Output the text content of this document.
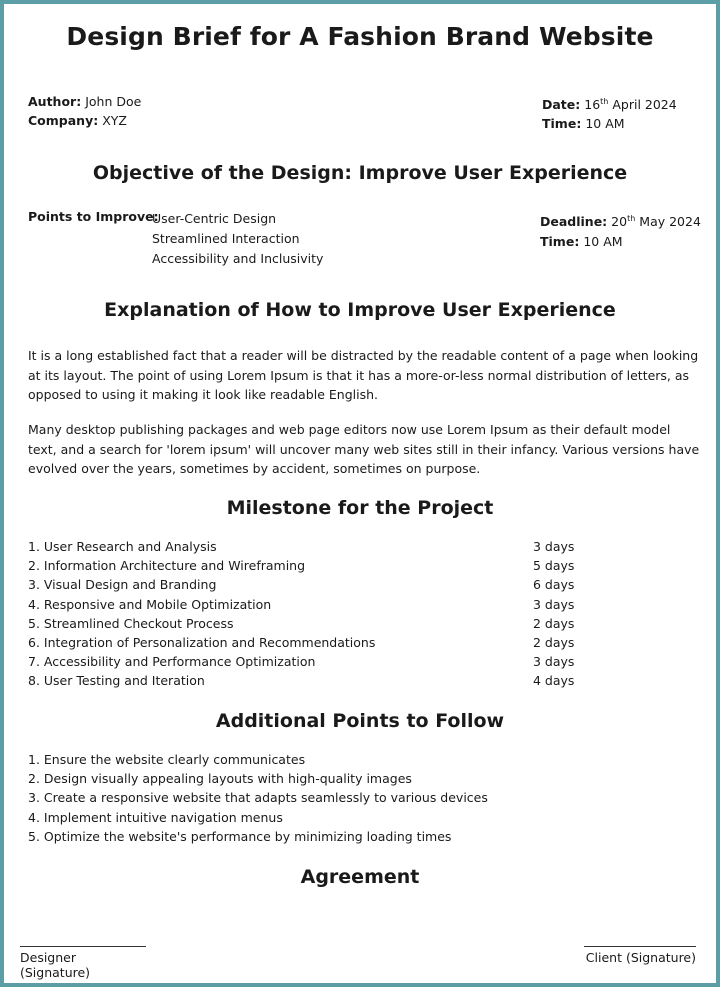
Design Brief for A Fashion Brand Website
Author: John Doe
Company: XYZ
Date: 16th April 2024
Time: 10 AM
Objective of the Design: Improve User Experience
Points to Improve:
User-Centric Design
Streamlined Interaction
Accessibility and Inclusivity
Deadline: 20th May 2024
Time: 10 AM
Explanation of How to Improve User Experience
It is a long established fact that a reader will be distracted by the readable content of a page when looking at its layout. The point of using Lorem Ipsum is that it has a more-or-less normal distribution of letters, as opposed to using it making it look like readable English.
Many desktop publishing packages and web page editors now use Lorem Ipsum as their default model text, and a search for 'lorem ipsum' will uncover many web sites still in their infancy. Various versions have evolved over the years, sometimes by accident, sometimes on purpose.
Milestone for the Project
1. User Research and Analysis	3 days
2. Information Architecture and Wireframing	5 days
3. Visual Design and Branding	6 days
4. Responsive and Mobile Optimization	3 days
5. Streamlined Checkout Process	2 days
6. Integration of Personalization and Recommendations	2 days
7. Accessibility and Performance Optimization	3 days
8. User Testing and Iteration	4 days
Additional Points to Follow
1. Ensure the website clearly communicates
2. Design visually appealing layouts with high-quality images
3. Create a responsive website that adapts seamlessly to various devices
4. Implement intuitive navigation menus
5. Optimize the website's performance by minimizing loading times
Agreement
Designer (Signature)
Client (Signature)
